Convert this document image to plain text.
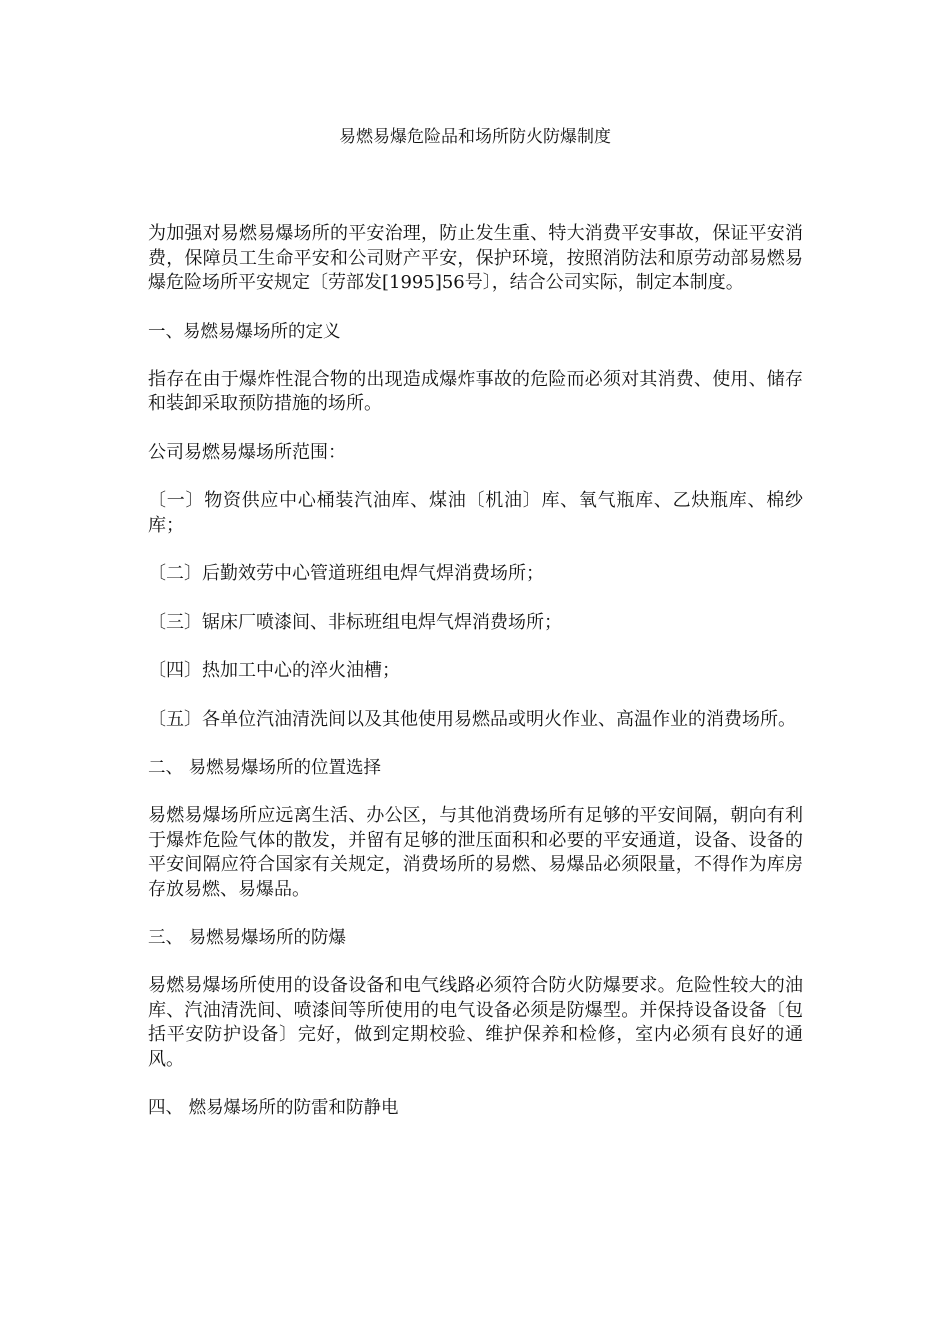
易燃易爆危险品和场所防火防爆制度

为加强对易燃易爆场所的平安治理，防止发生重、特大消费平安事故，保证平安消费，保障员工生命平安和公司财产平安，保护环境，按照消防法和原劳动部易燃易爆危险场所平安规定〔劳部发[1995]56号〕，结合公司实际，制定本制度。

一、易燃易爆场所的定义

指存在由于爆炸性混合物的出现造成爆炸事故的危险而必须对其消费、使用、储存和装卸采取预防措施的场所。

公司易燃易爆场所范围：

〔一〕物资供应中心桶装汽油库、煤油〔机油〕库、氧气瓶库、乙炔瓶库、棉纱库；

〔二〕后勤效劳中心管道班组电焊气焊消费场所；

〔三〕锯床厂喷漆间、非标班组电焊气焊消费场所；

〔四〕热加工中心的淬火油槽；

〔五〕各单位汽油清洗间以及其他使用易燃品或明火作业、高温作业的消费场所。

二、 易燃易爆场所的位置选择

易燃易爆场所应远离生活、办公区，与其他消费场所有足够的平安间隔，朝向有利于爆炸危险气体的散发，并留有足够的泄压面积和必要的平安通道，设备、设备的平安间隔应符合国家有关规定，消费场所的易燃、易爆品必须限量，不得作为库房存放易燃、易爆品。

三、 易燃易爆场所的防爆

易燃易爆场所使用的设备设备和电气线路必须符合防火防爆要求。危险性较大的油库、汽油清洗间、喷漆间等所使用的电气设备必须是防爆型。并保持设备设备〔包括平安防护设备〕完好，做到定期校验、维护保养和检修，室内必须有良好的通风。

四、 燃易爆场所的防雷和防静电
